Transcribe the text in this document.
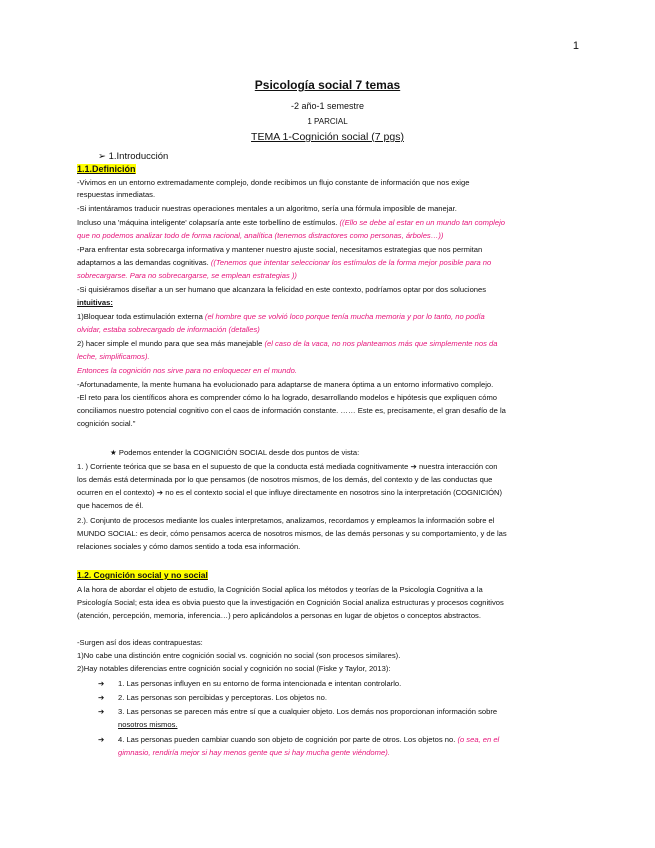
1
Psicología social 7 temas
-2 año-1 semestre
1 PARCIAL
TEMA 1-Cognición social (7 pgs)
➢ 1.Introducción
1.1.Definición
-Vivimos en un entorno extremadamente complejo, donde recibimos un flujo constante de información que nos exige
respuestas inmediatas.
-Si intentáramos traducir nuestras operaciones mentales a un algoritmo, sería una fórmula imposible de manejar.
Incluso una 'máquina inteligente' colapsaría ante este torbellino de estímulos. ((Ello se debe al estar en un mundo tan complejo
que no podemos analizar todo de forma racional, analítica (tenemos distractores como personas, árboles…))
-Para enfrentar esta sobrecarga informativa y mantener nuestro ajuste social, necesitamos estrategias que nos permitan
adaptarnos a las demandas cognitivas. ((Tenemos que intentar seleccionar los estímulos de la forma mejor posible para no
sobrecargarse. Para no sobrecargarse, se emplean estrategias ))
-Si quisiéramos diseñar a un ser humano que alcanzara la felicidad en este contexto, podríamos optar por dos soluciones
intuitivas:
1)Bloquear toda estimulación externa (el hombre que se volvió loco porque tenía mucha memoria y por lo tanto, no podía
olvidar, estaba sobrecargado de información (detalles)
2) hacer simple el mundo para que sea más manejable (el caso de la vaca, no nos planteamos más que simplemente nos da
leche, simplificamos).
Entonces la cognición nos sirve para no enloquecer en el mundo.
-Afortunadamente, la mente humana ha evolucionado para adaptarse de manera óptima a un entorno informativo complejo.
-El reto para los científicos ahora es comprender cómo lo ha logrado, desarrollando modelos e hipótesis que expliquen cómo
conciliamos nuestro potencial cognitivo con el caos de información constante. …… Este es, precisamente, el gran desafío de la
cognición social."
★ Podemos entender la COGNICIÓN SOCIAL desde dos puntos de vista:
1. ) Corriente teórica que se basa en el supuesto de que la conducta está mediada cognitivamente ➔ nuestra interacción con
los demás está determinada por lo que pensamos (de nosotros mismos, de los demás, del contexto y de las conductas que
ocurren en el contexto) ➔ no es el contexto social el que influye directamente en nosotros sino la interpretación (COGNICIÓN)
que hacemos de él.
2.). Conjunto de procesos mediante los cuales interpretamos, analizamos, recordamos y empleamos la información sobre el
MUNDO SOCIAL: es decir, cómo pensamos acerca de nosotros mismos, de las demás personas y su comportamiento, y de las
relaciones sociales y cómo damos sentido a toda esa información.
1.2. Cognición social y no social
A la hora de abordar el objeto de estudio, la Cognición Social aplica los métodos y teorías de la Psicología Cognitiva a la
Psicología Social; esta idea es obvia puesto que la investigación en Cognición Social analiza estructuras y procesos cognitivos
(atención, percepción, memoria, inferencia…) pero aplicándolos a personas en lugar de objetos o conceptos abstractos.
-Surgen así dos ideas contrapuestas:
1)No cabe una distinción entre cognición social vs. cognición no social (son procesos similares).
2)Hay notables diferencias entre cognición social y cognición no social (Fiske y Taylor, 2013):
➔	1. Las personas influyen en su entorno de forma intencionada e intentan controlarlo.
➔	2. Las personas son percibidas y perceptoras. Los objetos no.
➔	3. Las personas se parecen más entre sí que a cualquier objeto. Los demás nos proporcionan información sobre
nosotros mismos.
➔	4. Las personas pueden cambiar cuando son objeto de cognición por parte de otros. Los objetos no. (o sea, en el
gimnasio, rendiría mejor si hay menos gente que si hay mucha gente viéndome).
